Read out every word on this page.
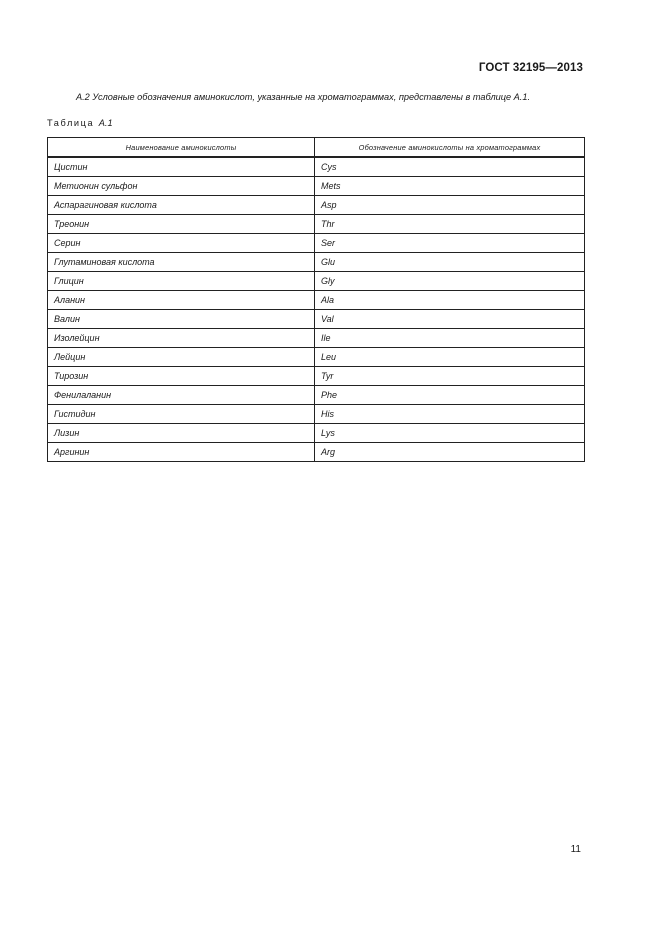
ГОСТ 32195—2013
А.2 Условные обозначения аминокислот, указанные на хроматограммах, представлены в таблице А.1.
Таблица А.1
Наименование аминокислоты	Обозначение аминокислоты на хроматограммах
Цистин	Cys
Метионин сульфон	Mets
Аспарагиновая кислота	Asp
Треонин	Thr
Серин	Ser
Глутаминовая кислота	Glu
Глицин	Gly
Аланин	Ala
Валин	Val
Изолейцин	Ile
Лейцин	Leu
Тирозин	Tyr
Фенилаланин	Phe
Гистидин	His
Лизин	Lys
Аргинин	Arg
11
